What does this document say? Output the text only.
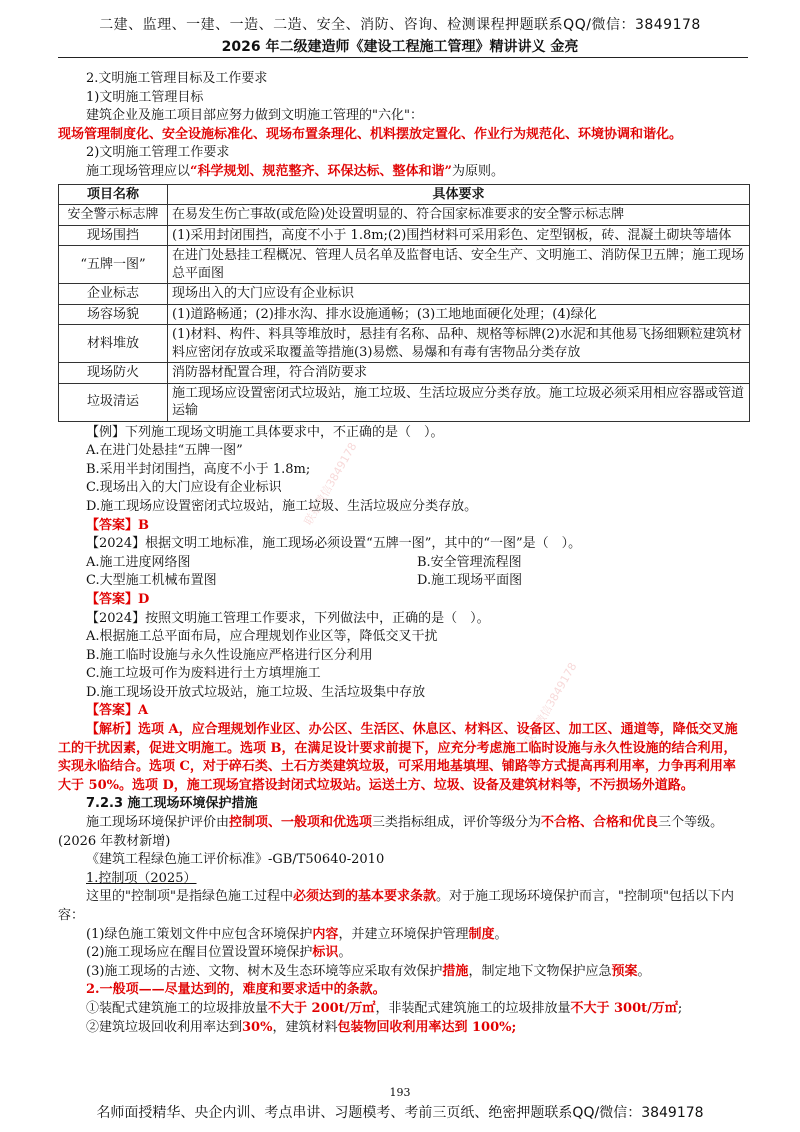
二建、监理、一建、一造、二造、安全、消防、咨询、检测课程押题联系QQ/微信：3849178
2026 年二级建造师《建设工程施工管理》精讲讲义 金亮
联系微信3849178
联系微信3849178

2.文明施工管理目标及工作要求

1)文明施工管理目标

建筑企业及施工项目部应努力做到文明施工管理的"六化"：

现场管理制度化、安全设施标准化、现场布置条理化、机料摆放定置化、作业行为规范化、环境协调和谐化。

2)文明施工管理工作要求

施工现场管理应以“科学规划、规范整齐、环保达标、整体和谐”为原则。

项目名称	具体要求
安全警示标志牌	在易发生伤亡事故(或危险)处设置明显的、符合国家标准要求的安全警示标志牌
现场围挡	(1)采用封闭围挡，高度不小于 1.8m;(2)围挡材料可采用彩色、定型钢板，砖、混凝土砌块等墙体
“五牌一图”	在进门处悬挂工程概况、管理人员名单及监督电话、安全生产、文明施工、消防保卫五牌；施工现场总平面图
企业标志	现场出入的大门应设有企业标识
场容场貌	(1)道路畅通；(2)排水沟、排水设施通畅；(3)工地地面硬化处理；(4)绿化
材料堆放	(1)材料、构件、料具等堆放时，悬挂有名称、品种、规格等标牌(2)水泥和其他易飞扬细颗粒建筑材料应密闭存放或采取覆盖等措施(3)易燃、易爆和有毒有害物品分类存放
现场防火	消防器材配置合理，符合消防要求
垃圾清运	施工现场应设置密闭式垃圾站，施工垃圾、生活垃圾应分类存放。施工垃圾必须采用相应容器或管道运输

【例】下列施工现场文明施工具体要求中，不正确的是（　）。

A.在进门处悬挂“五牌一图”

B.采用半封闭围挡，高度不小于 1.8m;

C.现场出入的大门应设有企业标识

D.施工现场应设置密闭式垃圾站，施工垃圾、生活垃圾应分类存放。

【答案】B

【2024】根据文明工地标准，施工现场必须设置“五牌一图”，其中的“一图”是（　）。

A.施工进度网络图	B.安全管理流程图
C.大型施工机械布置图	D.施工现场平面图

【答案】D

【2024】按照文明施工管理工作要求，下列做法中，正确的是（　）。

A.根据施工总平面布局，应合理规划作业区等，降低交叉干扰

B.施工临时设施与永久性设施应严格进行区分利用

C.施工垃圾可作为废料进行土方填埋施工

D.施工现场设开放式垃圾站，施工垃圾、生活垃圾集中存放

【答案】A

【解析】选项 A，应合理规划作业区、办公区、生活区、休息区、材料区、设备区、加工区、通道等，降低交叉施工的干扰因素，促进文明施工。选项 B，在满足设计要求前提下，应充分考虑施工临时设施与永久性设施的结合利用，实现永临结合。选项 C，对于碎石类、土石方类建筑垃圾，可采用地基填埋、铺路等方式提高再利用率，力争再利用率大于 50%。选项 D，施工现场宜搭设封闭式垃圾站。运送土方、垃圾、设备及建筑材料等，不污损场外道路。

7.2.3 施工现场环境保护措施

施工现场环境保护评价由控制项、一般项和优选项三类指标组成，评价等级分为不合格、合格和优良三个等级。(2026 年教材新增)

《建筑工程绿色施工评价标准》-GB/T50640-2010

1.控制项（2025）

这里的"控制项"是指绿色施工过程中必须达到的基本要求条款。对于施工现场环境保护而言，"控制项"包括以下内容：

(1)绿色施工策划文件中应包含环境保护内容，并建立环境保护管理制度。

(2)施工现场应在醒目位置设置环境保护标识。

(3)施工现场的古迹、文物、树木及生态环境等应采取有效保护措施，制定地下文物保护应急预案。

2.一般项——尽量达到的，难度和要求适中的条款。

①装配式建筑施工的垃圾排放量不大于 200t/万㎡，非装配式建筑施工的垃圾排放量不大于 300t/万㎡;

②建筑垃圾回收利用率达到30%，建筑材料包装物回收利用率达到 100%;

193
名师面授精华、央企内训、考点串讲、习题模考、考前三页纸、绝密押题联系QQ/微信：3849178
